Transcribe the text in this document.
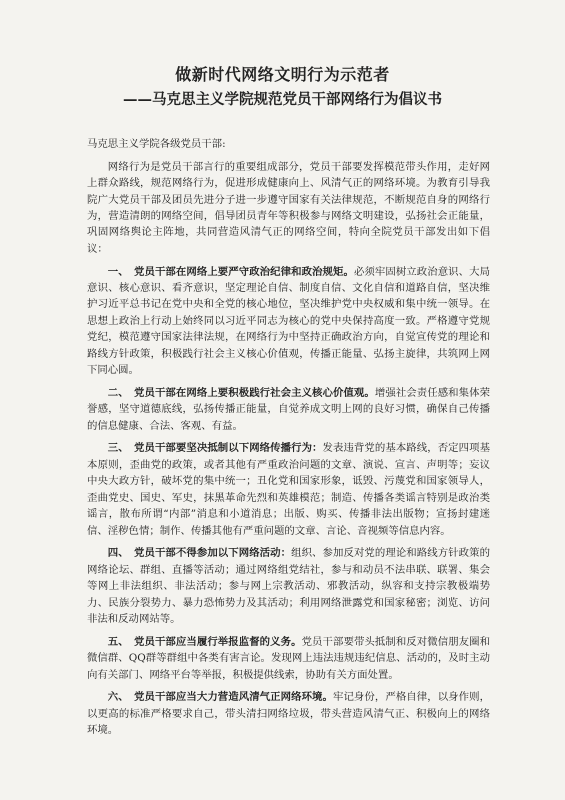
做新时代网络文明行为示范者
——马克思主义学院规范党员干部网络行为倡议书

马克思主义学院各级党员干部:

网络行为是党员干部言行的重要组成部分，党员干部要发挥模范带头作用，走好网上群众路线，规范网络行为，促进形成健康向上、风清气正的网络环境。为教育引导我院广大党员干部及团员先进分子进一步遵守国家有关法律规范，不断规范自身的网络行为，营造清朗的网络空间，倡导团员青年等积极参与网络文明建设，弘扬社会正能量，巩固网络舆论主阵地，共同营造风清气正的网络空间，特向全院党员干部发出如下倡议：

一、　党员干部在网络上要严守政治纪律和政治规矩。必须牢固树立政治意识、大局意识、核心意识、看齐意识，坚定理论自信、制度自信、文化自信和道路自信，坚决维护习近平总书记在党中央和全党的核心地位，坚决维护党中央权威和集中统一领导。在思想上政治上行动上始终同以习近平同志为核心的党中央保持高度一致。严格遵守党规党纪，模范遵守国家法律法规，在网络行为中坚持正确政治方向，自觉宣传党的理论和路线方针政策，积极践行社会主义核心价值观，传播正能量、弘扬主旋律，共筑网上网下同心圆。

二、　党员干部在网络上要积极践行社会主义核心价值观。增强社会责任感和集体荣誉感，坚守道德底线，弘扬传播正能量，自觉养成文明上网的良好习惯，确保自己传播的信息健康、合法、客观、有益。

三、　党员干部要坚决抵制以下网络传播行为：发表违背党的基本路线，否定四项基本原则，歪曲党的政策，或者其他有严重政治问题的文章、演说、宣言、声明等；妄议中央大政方针，破坏党的集中统一；丑化党和国家形象，诋毁、污蔑党和国家领导人，歪曲党史、国史、军史，抹黑革命先烈和英雄模范；制造、传播各类谣言特别是政治类谣言，散布所谓“内部”消息和小道消息；出版、购买、传播非法出版物；宣扬封建迷信、淫秽色情；制作、传播其他有严重问题的文章、言论、音视频等信息内容。

四、　党员干部不得参加以下网络活动：组织、参加反对党的理论和路线方针政策的网络论坛、群组、直播等活动；通过网络组党结社，参与和动员不法串联、联署、集会等网上非法组织、非法活动；参与网上宗教活动、邪教活动，纵容和支持宗教极端势力、民族分裂势力、暴力恐怖势力及其活动；利用网络泄露党和国家秘密；浏览、访问非法和反动网站等。

五、　党员干部应当履行举报监督的义务。党员干部要带头抵制和反对微信朋友圈和微信群、QQ群等群组中各类有害言论。发现网上违法违规违纪信息、活动的，及时主动向有关部门、网络平台等举报，积极提供线索，协助有关方面处置。

六、　党员干部应当大力营造风清气正网络环境。牢记身份，严格自律，以身作则，以更高的标准严格要求自己，带头清扫网络垃圾，带头营造风清气正、积极向上的网络环境。
